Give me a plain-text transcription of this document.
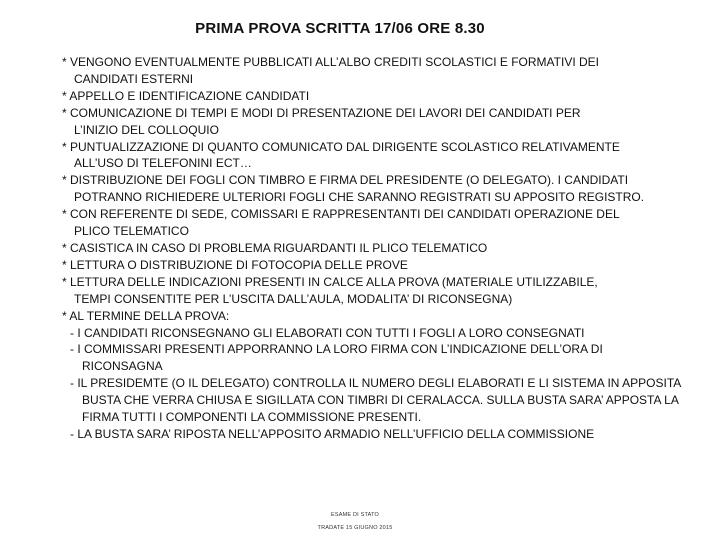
PRIMA PROVA SCRITTA 17/06 ORE 8.30
* VENGONO EVENTUALMENTE PUBBLICATI ALL’ALBO CREDITI SCOLASTICI E FORMATIVI DEI
CANDIDATI ESTERNI
* APPELLO E IDENTIFICAZIONE CANDIDATI
* COMUNICAZIONE DI TEMPI E MODI DI PRESENTAZIONE DEI LAVORI DEI CANDIDATI PER
L’INIZIO DEL COLLOQUIO
* PUNTUALIZZAZIONE DI QUANTO COMUNICATO DAL DIRIGENTE SCOLASTICO RELATIVAMENTE
ALL’USO DI TELEFONINI ECT…
* DISTRIBUZIONE DEI FOGLI CON TIMBRO E FIRMA DEL PRESIDENTE (O DELEGATO). I CANDIDATI
POTRANNO RICHIEDERE ULTERIORI FOGLI CHE SARANNO REGISTRATI SU APPOSITO REGISTRO.
* CON REFERENTE DI SEDE, COMISSARI E RAPPRESENTANTI DEI CANDIDATI OPERAZIONE DEL
PLICO TELEMATICO
* CASISTICA IN CASO DI PROBLEMA RIGUARDANTI IL PLICO TELEMATICO
* LETTURA O DISTRIBUZIONE DI FOTOCOPIA DELLE PROVE
* LETTURA DELLE INDICAZIONI PRESENTI IN CALCE ALLA PROVA (MATERIALE UTILIZZABILE,
TEMPI CONSENTITE PER L’USCITA DALL’AULA, MODALITA’ DI RICONSEGNA)
* AL TERMINE DELLA PROVA:
- I CANDIDATI RICONSEGNANO GLI ELABORATI CON TUTTI I FOGLI A LORO CONSEGNATI
- I COMMISSARI PRESENTI APPORRANNO LA LORO FIRMA CON L’INDICAZIONE DELL’ORA DI
RICONSAGNA
- IL PRESIDEMTE (O IL DELEGATO) CONTROLLA IL NUMERO DEGLI ELABORATI E LI SISTEMA IN APPOSITA
BUSTA CHE VERRA CHIUSA E SIGILLATA CON TIMBRI DI CERALACCA. SULLA BUSTA SARA’ APPOSTA LA
FIRMA TUTTI I COMPONENTI LA COMMISSIONE PRESENTI.
- LA BUSTA SARA’ RIPOSTA NELL’APPOSITO ARMADIO NELL’UFFICIO DELLA COMMISSIONE
ESAME DI STATO
TRADATE 15 GIUGNO 2015
